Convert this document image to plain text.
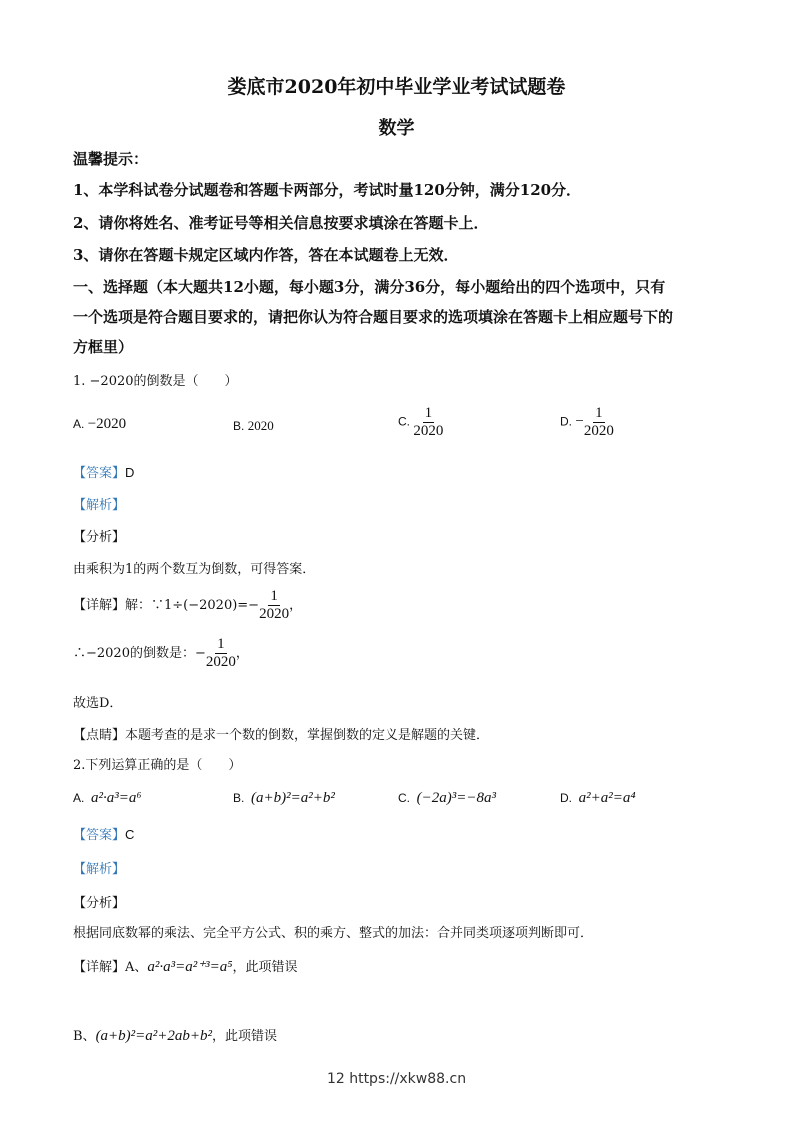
娄底市2020年初中毕业学业考试试题卷
数学
温馨提示：
1、本学科试卷分试题卷和答题卡两部分，考试时量120分钟，满分120分．
2、请你将姓名、准考证号等相关信息按要求填涂在答题卡上．
3、请你在答题卡规定区域内作答，答在本试题卷上无效．
一、选择题（本大题共12小题，每小题3分，满分36分，每小题给出的四个选项中，只有
一个选项是符合题目要求的，请把你认为符合题目要求的选项填涂在答题卡上相应题号下的
方框里）
1. −2020的倒数是（　　）
A. −2020	B. 2020	C. $\frac{1}{2020}$	D. − $\frac{1}{2020}$
【答案】D
【解析】
【分析】
由乘积为1的两个数互为倒数，可得答案．
【详解】解：∵1÷(−2020)=− $\frac{1}{2020}$ ，
∴−2020的倒数是：− $\frac{1}{2020}$ ，
故选D．
【点睛】本题考查的是求一个数的倒数，掌握倒数的定义是解题的关键．
2.下列运算正确的是（　　）
A. a²·a³=a⁶	B. (a+b)²=a²+b²	C. (−2a)³=−8a³	D. a²+a²=a⁴
【答案】C
【解析】
【分析】
根据同底数幂的乘法、完全平方公式、积的乘方、整式的加法：合并同类项逐项判断即可．
【详解】A、a²·a³=a²⁺³=a⁵，此项错误
B、(a+b)²=a²+2ab+b²，此项错误
12 https://xkw88.cn
